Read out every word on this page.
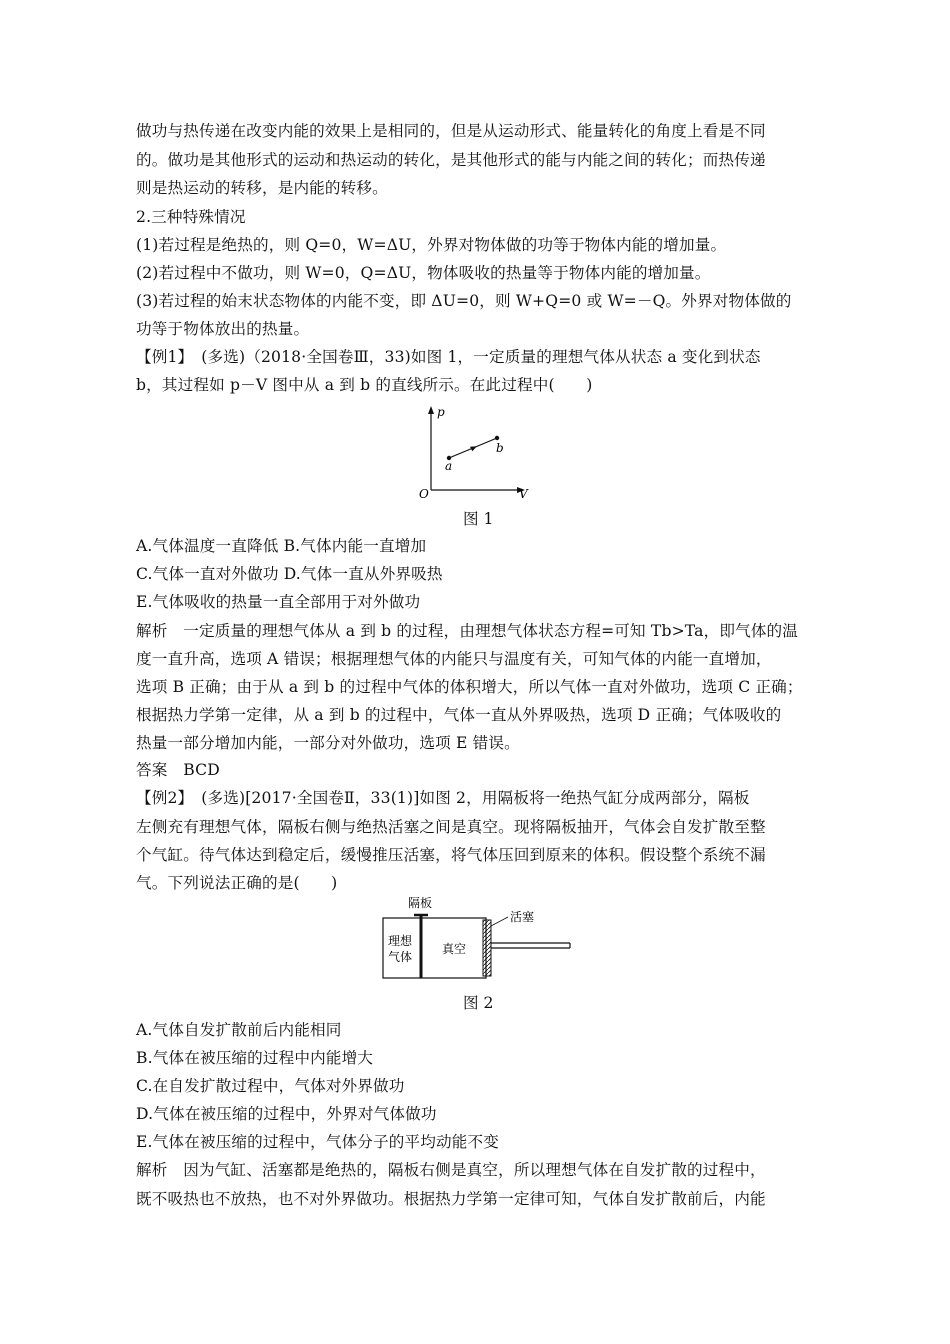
做功与热传递在改变内能的效果上是相同的，但是从运动形式、能量转化的角度上看是不同
的。做功是其他形式的运动和热运动的转化，是其他形式的能与内能之间的转化；而热传递
则是热运动的转移，是内能的转移。
2.三种特殊情况
(1)若过程是绝热的，则 Q=0，W=ΔU，外界对物体做的功等于物体内能的增加量。
(2)若过程中不做功，则 W=0，Q=ΔU，物体吸收的热量等于物体内能的增加量。
(3)若过程的始末状态物体的内能不变，即 ΔU=0，则 W+Q=0 或 W=－Q。外界对物体做的
功等于物体放出的热量。
【例1】　(多选)（2018·全国卷Ⅲ，33)如图 1，一定质量的理想气体从状态 a 变化到状态
b，其过程如 p－V 图中从 a 到 b 的直线所示。在此过程中(　　)
p
V
O
a
b
图 1
A.气体温度一直降低 B.气体内能一直增加
C.气体一直对外做功 D.气体一直从外界吸热
E.气体吸收的热量一直全部用于对外做功
解析　一定质量的理想气体从 a 到 b 的过程，由理想气体状态方程=可知 Tb>Ta，即气体的温
度一直升高，选项 A 错误；根据理想气体的内能只与温度有关，可知气体的内能一直增加，
选项 B 正确；由于从 a 到 b 的过程中气体的体积增大，所以气体一直对外做功，选项 C 正确；
根据热力学第一定律，从 a 到 b 的过程中，气体一直从外界吸热，选项 D 正确；气体吸收的
热量一部分增加内能，一部分对外做功，选项 E 错误。
答案　BCD
【例2】　(多选)[2017·全国卷Ⅱ，33(1)]如图 2，用隔板将一绝热气缸分成两部分，隔板
左侧充有理想气体，隔板右侧与绝热活塞之间是真空。现将隔板抽开，气体会自发扩散至整
个气缸。待气体达到稳定后，缓慢推压活塞，将气体压回到原来的体积。假设整个系统不漏
气。下列说法正确的是(　　)
隔板
活塞
理想
气体
真空
图 2
A.气体自发扩散前后内能相同
B.气体在被压缩的过程中内能增大
C.在自发扩散过程中，气体对外界做功
D.气体在被压缩的过程中，外界对气体做功
E.气体在被压缩的过程中，气体分子的平均动能不变
解析　因为气缸、活塞都是绝热的，隔板右侧是真空，所以理想气体在自发扩散的过程中，
既不吸热也不放热，也不对外界做功。根据热力学第一定律可知，气体自发扩散前后，内能
